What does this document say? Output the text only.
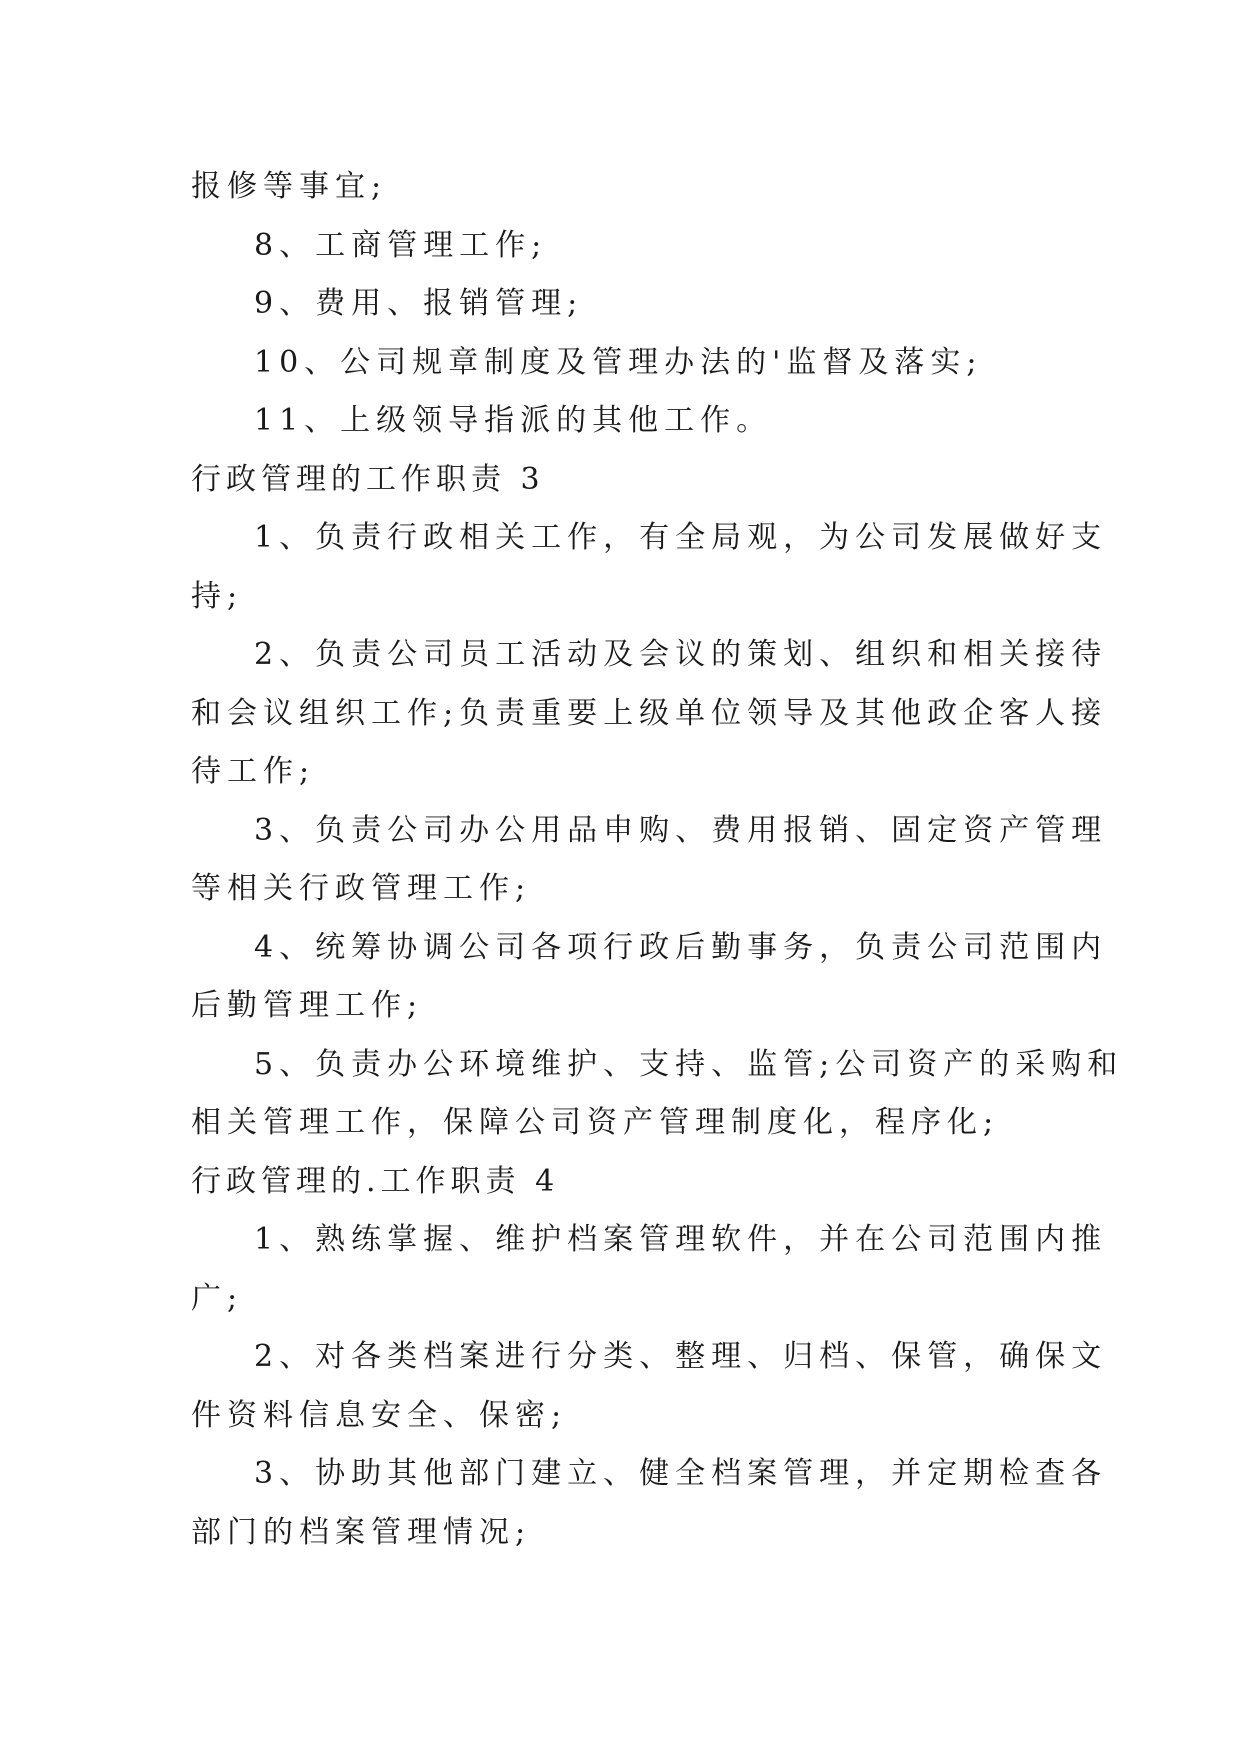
报修等事宜;
8、工商管理工作;
9、费用、报销管理;
10、公司规章制度及管理办法的'监督及落实;
11、上级领导指派的其他工作。
行政管理的工作职责 3
1、负责行政相关工作，有全局观，为公司发展做好支
持;
2、负责公司员工活动及会议的策划、组织和相关接待
和会议组织工作;负责重要上级单位领导及其他政企客人接
待工作;
3、负责公司办公用品申购、费用报销、固定资产管理
等相关行政管理工作;
4、统筹协调公司各项行政后勤事务，负责公司范围内
后勤管理工作;
5、负责办公环境维护、支持、监管;公司资产的采购和
相关管理工作，保障公司资产管理制度化，程序化;
行政管理的.工作职责 4
1、熟练掌握、维护档案管理软件，并在公司范围内推
广;
2、对各类档案进行分类、整理、归档、保管，确保文
件资料信息安全、保密;
3、协助其他部门建立、健全档案管理，并定期检查各
部门的档案管理情况;
